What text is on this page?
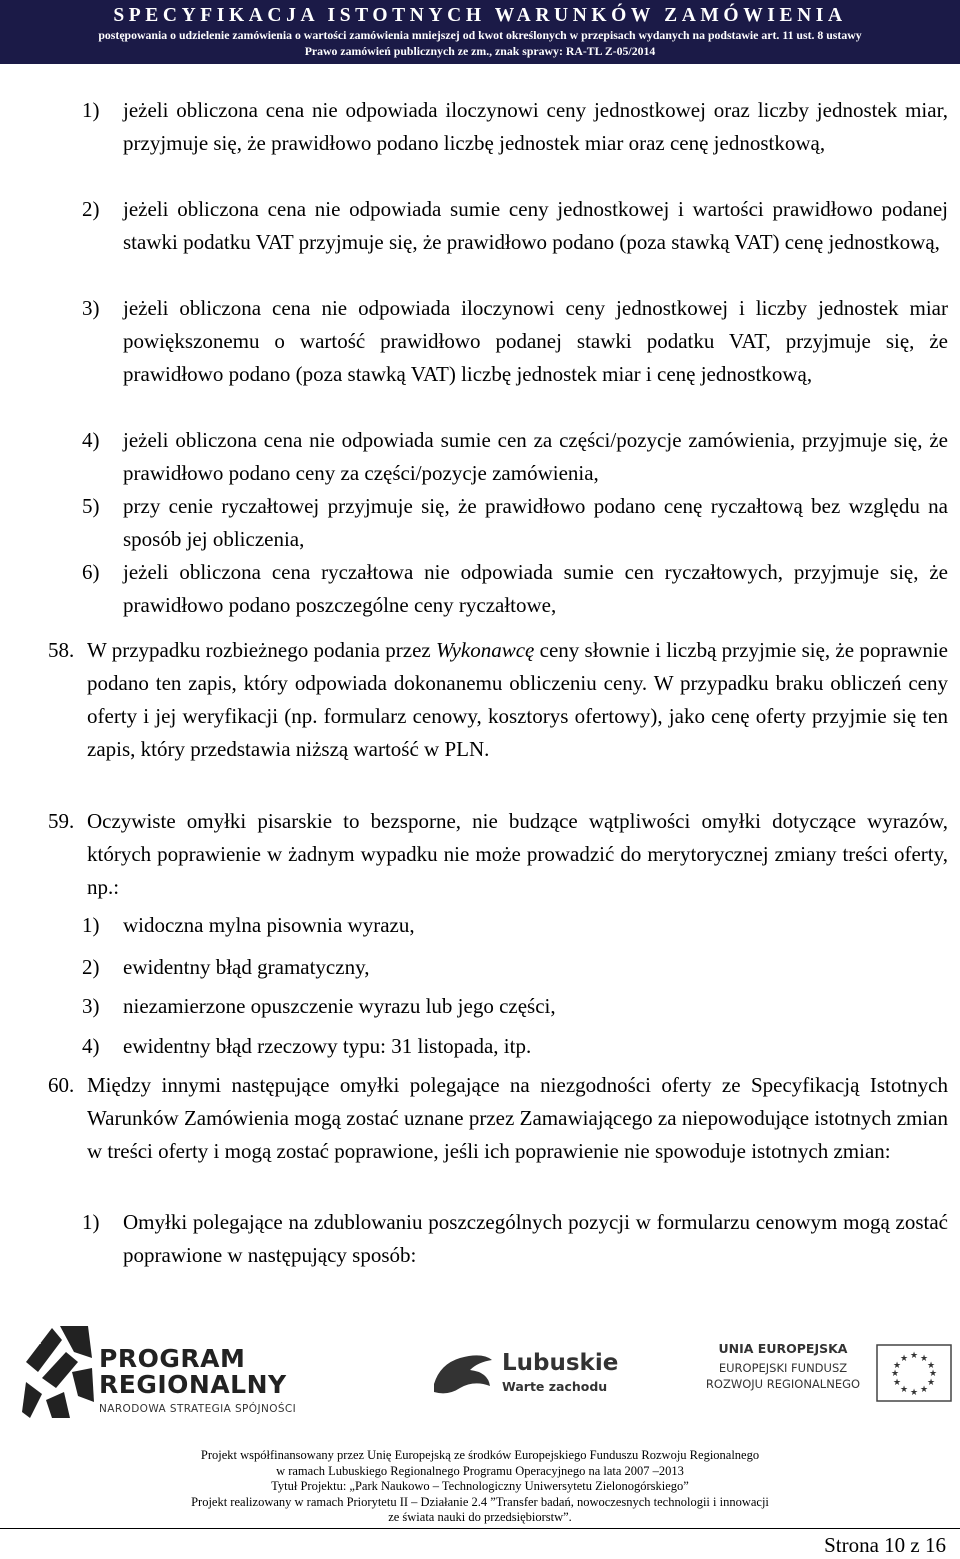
SPECYFIKACJA ISTOTNYCH WARUNKÓW ZAMÓWIENIA
postępowania o udzielenie zamówienia o wartości zamówienia mniejszej od kwot określonych w przepisach wydanych na podstawie art. 11 ust. 8 ustawy
Prawo zamówień publicznych ze zm., znak sprawy: RA-TL Z-05/2014
1) jeżeli obliczona cena nie odpowiada iloczynowi ceny jednostkowej oraz liczby jednostek miar, przyjmuje się, że prawidłowo podano liczbę jednostek miar oraz cenę jednostkową,
2) jeżeli obliczona cena nie odpowiada sumie ceny jednostkowej i wartości prawidłowo podanej stawki podatku VAT przyjmuje się, że prawidłowo podano (poza stawką VAT) cenę jednostkową,
3) jeżeli obliczona cena nie odpowiada iloczynowi ceny jednostkowej i liczby jednostek miar powiększonemu o wartość prawidłowo podanej stawki podatku VAT, przyjmuje się, że prawidłowo podano (poza stawką VAT) liczbę jednostek miar i cenę jednostkową,
4) jeżeli obliczona cena nie odpowiada sumie cen za części/pozycje zamówienia, przyjmuje się, że prawidłowo podano ceny za części/pozycje zamówienia,
5) przy cenie ryczałtowej przyjmuje się, że prawidłowo podano cenę ryczałtową bez względu na sposób jej obliczenia,
6) jeżeli obliczona cena ryczałtowa nie odpowiada sumie cen ryczałtowych, przyjmuje się, że prawidłowo podano poszczególne ceny ryczałtowe,
58. W przypadku rozbieżnego podania przez Wykonawcę ceny słownie i liczbą przyjmie się, że poprawnie podano ten zapis, który odpowiada dokonanemu obliczeniu ceny. W przypadku braku obliczeń ceny oferty i jej weryfikacji (np. formularz cenowy, kosztorys ofertowy), jako cenę oferty przyjmie się ten zapis, który przedstawia niższą wartość w PLN.
59. Oczywiste omyłki pisarskie to bezsporne, nie budzące wątpliwości omyłki dotyczące wyrazów, których poprawienie w żadnym wypadku nie może prowadzić do merytorycznej zmiany treści oferty, np.:
1) widoczna mylna pisownia wyrazu,
2) ewidentny błąd gramatyczny,
3) niezamierzone opuszczenie wyrazu lub jego części,
4) ewidentny błąd rzeczowy typu: 31 listopada, itp.
60. Między innymi następujące omyłki polegające na niezgodności oferty ze Specyfikacją Istotnych Warunków Zamówienia mogą zostać uznane przez Zamawiającego za niepowodujące istotnych zmian w treści oferty i mogą zostać poprawione, jeśli ich poprawienie nie spowoduje istotnych zmian:
1) Omyłki polegające na zdublowaniu poszczególnych pozycji w formularzu cenowym mogą zostać poprawione w następujący sposób:
PROGRAM
REGIONALNY
NARODOWA STRATEGIA SPÓJNOŚCI
Lubuskie
Warte zachodu
UNIA EUROPEJSKA
EUROPEJSKI FUNDUSZ
ROZWOJU REGIONALNEGO
★ ★
★
★
★
★
★
★
★
★
★
★
Projekt współfinansowany przez Unię Europejską ze środków Europejskiego Funduszu Rozwoju Regionalnego
w ramach Lubuskiego Regionalnego Programu Operacyjnego na lata 2007 –2013
Tytuł Projektu: „Park Naukowo – Technologiczny Uniwersytetu Zielonogórskiego”
Projekt realizowany w ramach Priorytetu II – Działanie 2.4 ”Transfer badań, nowoczesnych technologii i innowacji
ze świata nauki do przedsiębiorstw”.
Strona 10 z 16
